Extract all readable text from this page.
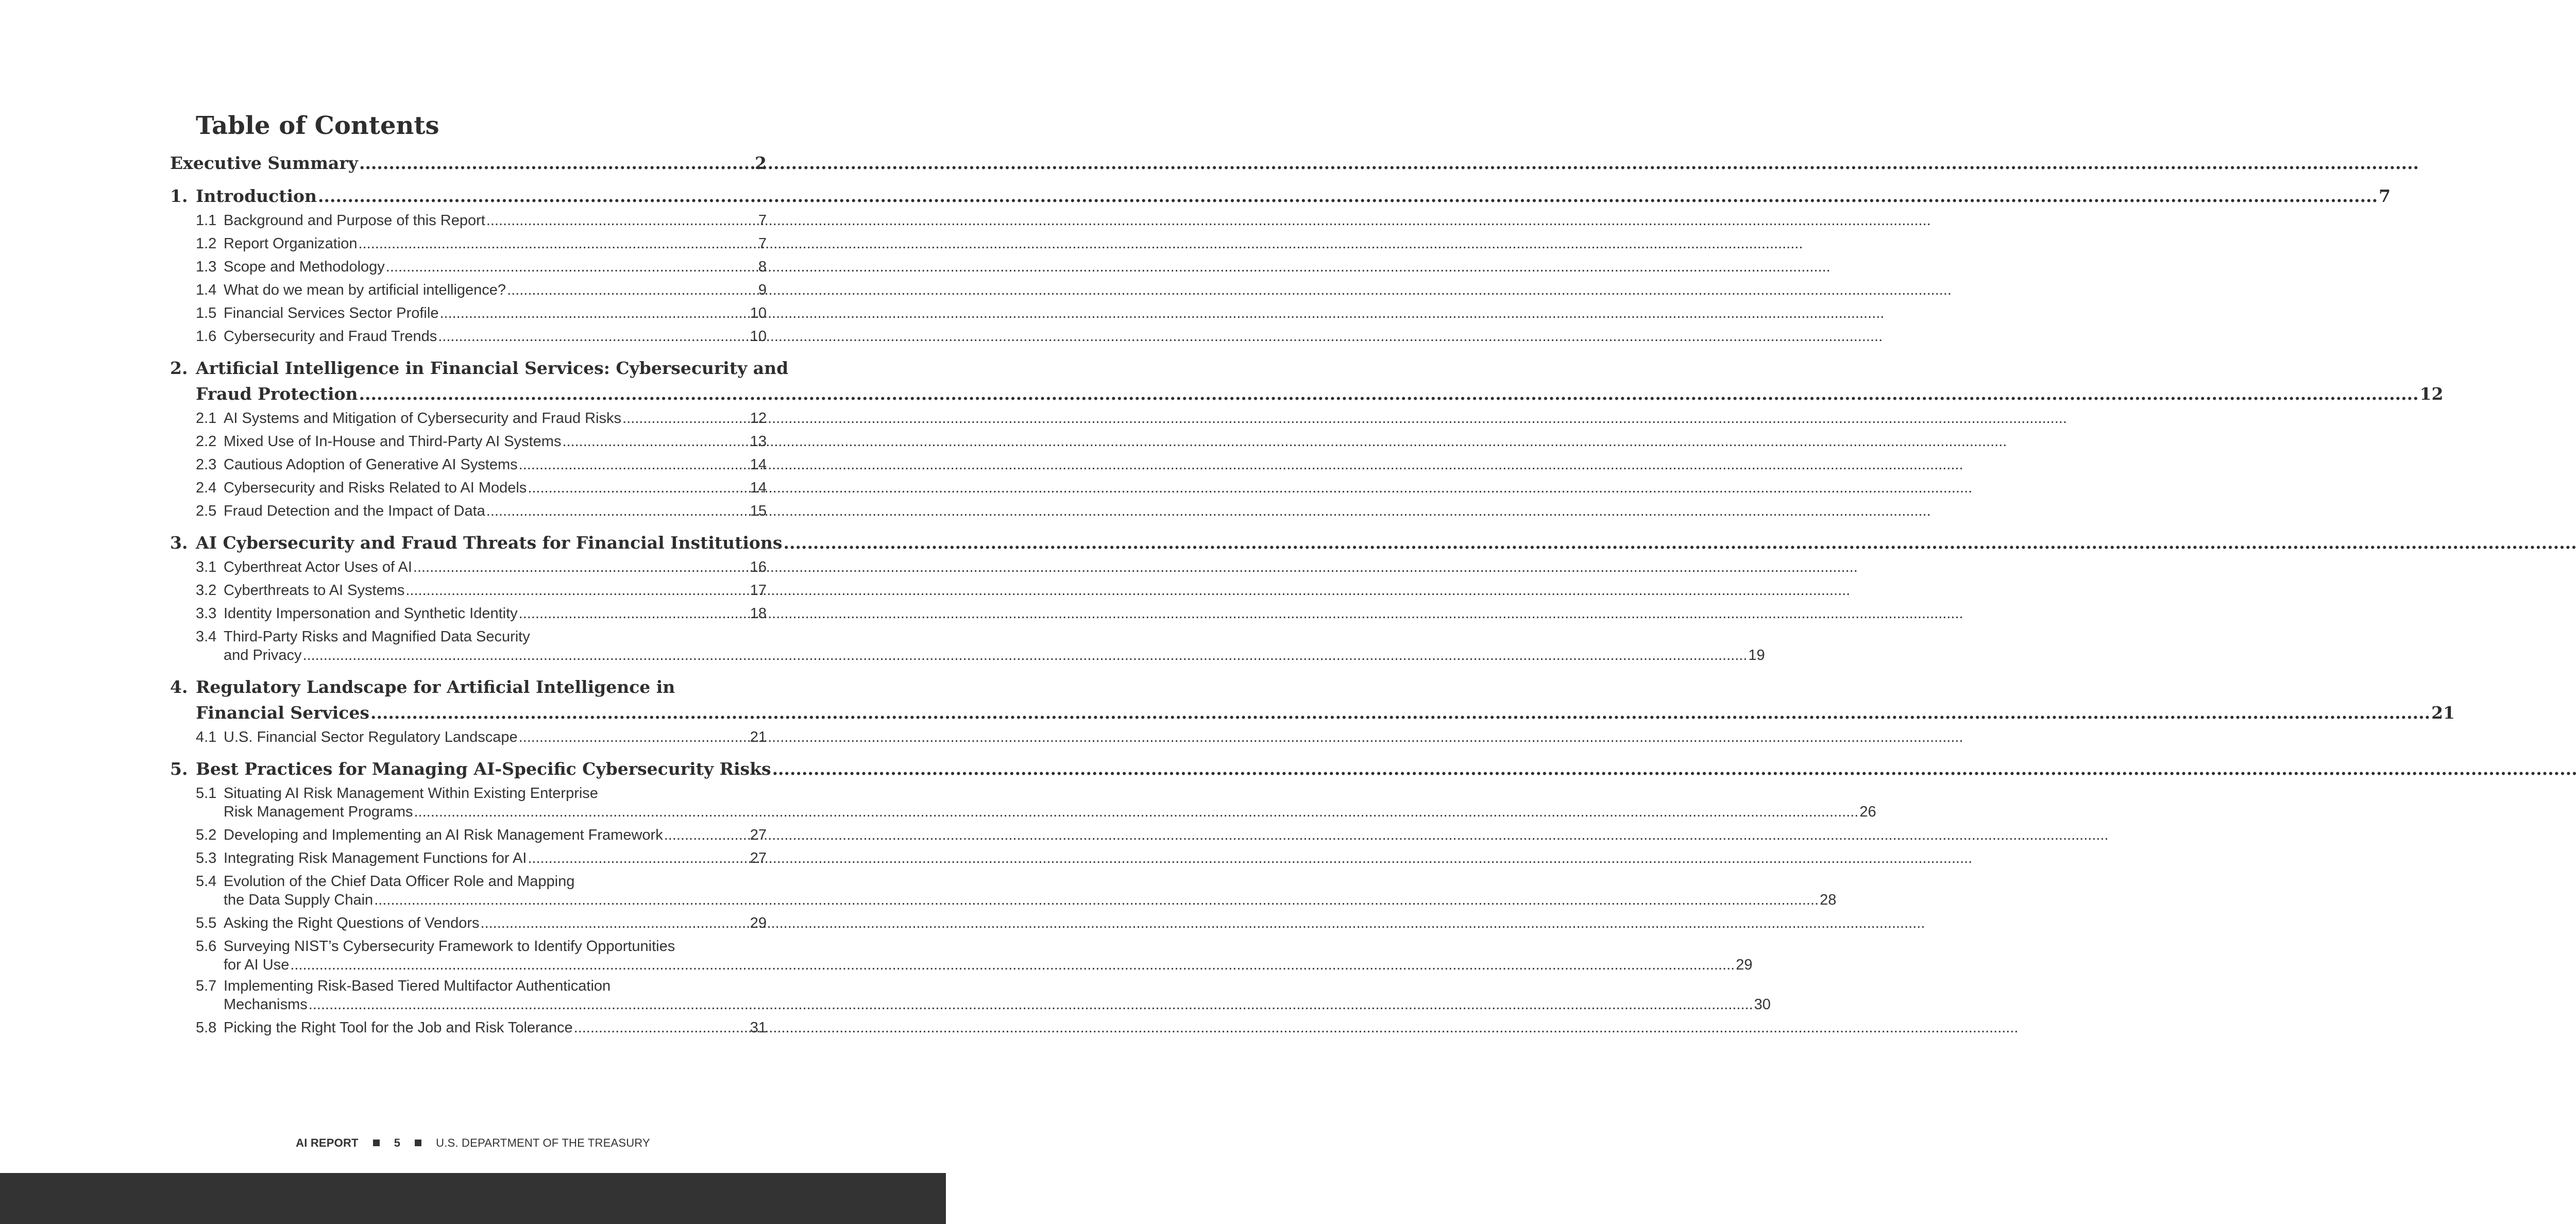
Table of Contents
Executive Summary .....	2
1. Introduction .....	7
1.1 Background and Purpose of this Report .....	7
1.2 Report Organization .....	7
1.3 Scope and Methodology .....	8
1.4 What do we mean by artificial intelligence? .....	9
1.5 Financial Services Sector Profile .....	10
1.6 Cybersecurity and Fraud Trends .....	10
2. Artificial Intelligence in Financial Services: Cybersecurity and
Fraud Protection .....	12
2.1 AI Systems and Mitigation of Cybersecurity and Fraud Risks .....	12
2.2 Mixed Use of In-House and Third-Party AI Systems .....	13
2.3 Cautious Adoption of Generative AI Systems .....	14
2.4 Cybersecurity and Risks Related to AI Models .....	14
2.5 Fraud Detection and the Impact of Data .....	15
3. AI Cybersecurity and Fraud Threats for Financial Institutions
.....
3.1 Cyberthreat Actor Uses of AI .....	16
3.2 Cyberthreats to AI Systems .....	17
3.3 Identity Impersonation and Synthetic Identity .....	18
3.4 Third-Party Risks and Magnified Data Security
and Privacy .....	19
4. Regulatory Landscape for Artificial Intelligence in
Financial Services .....	21
4.1 U.S. Financial Sector Regulatory Landscape .....	21
5. Best Practices for Managing AI-Specific Cybersecurity Risks
.....
5.1 Situating AI Risk Management Within Existing Enterprise
Risk Management Programs .....	26
5.2 Developing and Implementing an AI Risk Management Framework .....	27
5.3 Integrating Risk Management Functions for AI .....	27
5.4 Evolution of the Chief Data Officer Role and Mapping
the Data Supply Chain .....	28
5.5 Asking the Right Questions of Vendors .....	29
5.6 Surveying NIST’s Cybersecurity Framework to Identify Opportunities
for AI Use .....	29
5.7 Implementing Risk-Based Tiered Multifactor Authentication
Mechanisms .....	30
5.8 Picking the Right Tool for the Job and Risk Tolerance .....	31
AI REPORT	5	U.S. DEPARTMENT OF THE TREASURY
